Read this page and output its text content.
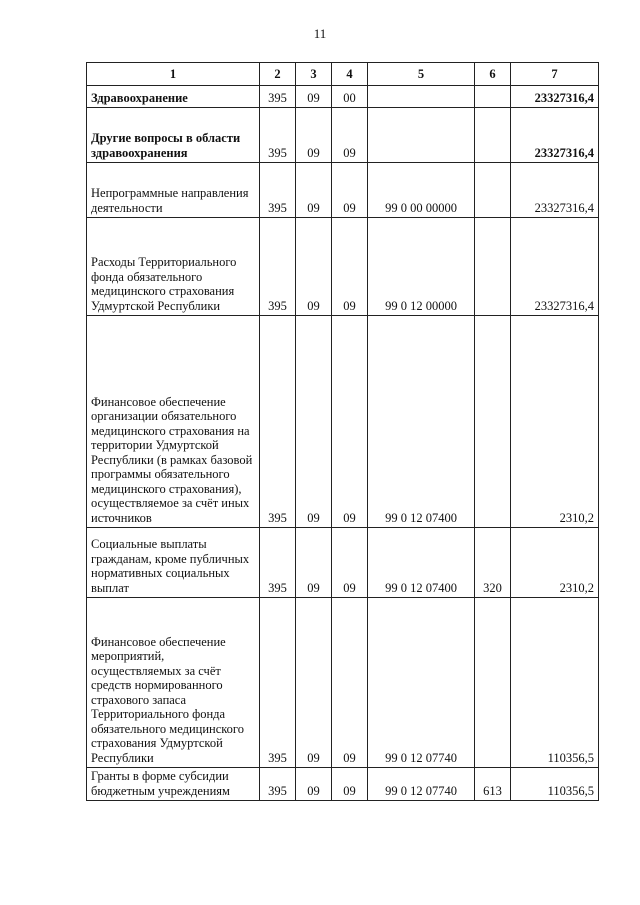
11
1	2	3	4	5	6	7
Здравоохранение	395	09	00			23327316,4
Другие вопросы в области здравоохранения	395	09	09			23327316,4
Непрограммные направления деятельности	395	09	09	99 0 00 00000		23327316,4
Расходы Территориального фонда обязательного медицинского страхования Удмуртской Республики	395	09	09	99 0 12 00000		23327316,4
Финансовое обеспечение организации обязательного медицинского страхования на территории Удмуртской Республики (в рамках базовой программы обязательного медицинского страхования), осуществляемое за счёт иных источников	395	09	09	99 0 12 07400		2310,2
Социальные выплаты гражданам, кроме публичных нормативных социальных выплат	395	09	09	99 0 12 07400	320	2310,2
Финансовое обеспечение мероприятий, осуществляемых за счёт средств нормированного страхового запаса Территориального фонда обязательного медицинского страхования Удмуртской Республики	395	09	09	99 0 12 07740		110356,5
Гранты в форме субсидии бюджетным учреждениям	395	09	09	99 0 12 07740	613	110356,5
